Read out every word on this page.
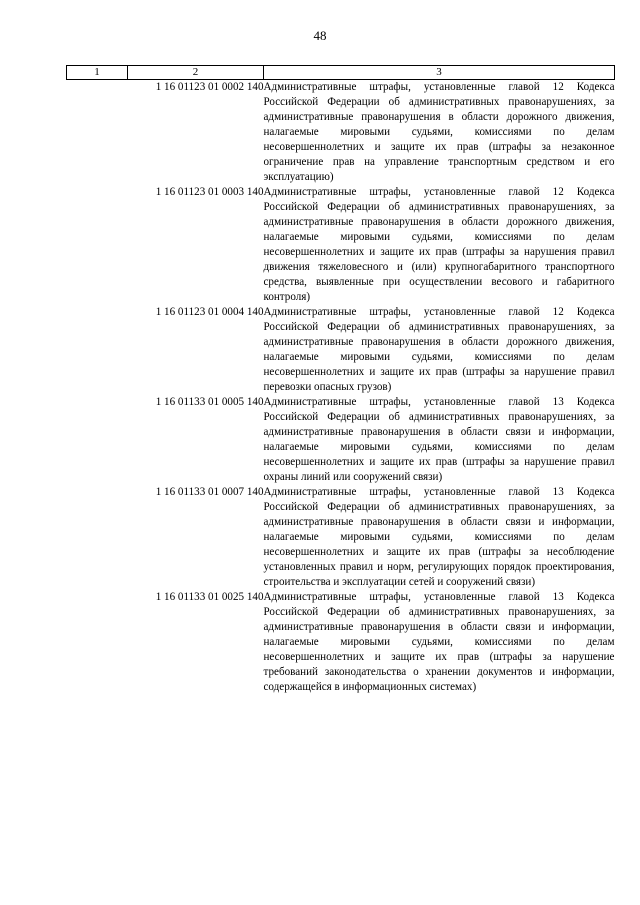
48
1	2	3
	1 16 01123 01 0002 140	Административные штрафы, установленные главой 12 Кодекса Российской Федерации об административных правонарушениях, за административные правонарушения в области дорожного движения, налагаемые мировыми судьями, комиссиями по делам несовершеннолетних и защите их прав (штрафы за незаконное ограничение прав на управление транспортным средством и его эксплуатацию)
	1 16 01123 01 0003 140	Административные штрафы, установленные главой 12 Кодекса Российской Федерации об административных правонарушениях, за административные правонарушения в области дорожного движения, налагаемые мировыми судьями, комиссиями по делам несовершеннолетних и защите их прав (штрафы за нарушения правил движения тяжеловесного и (или) крупногабаритного транспортного средства, выявленные при осуществлении весового и габаритного контроля)
	1 16 01123 01 0004 140	Административные штрафы, установленные главой 12 Кодекса Российской Федерации об административных правонарушениях, за административные правонарушения в области дорожного движения, налагаемые мировыми судьями, комиссиями по делам несовершеннолетних и защите их прав (штрафы за нарушение правил перевозки опасных грузов)
	1 16 01133 01 0005 140	Административные штрафы, установленные главой 13 Кодекса Российской Федерации об административных правонарушениях, за административные правонарушения в области связи и информации, налагаемые мировыми судьями, комиссиями по делам несовершеннолетних и защите их прав (штрафы за нарушение правил охраны линий или сооружений связи)
	1 16 01133 01 0007 140	Административные штрафы, установленные главой 13 Кодекса Российской Федерации об административных правонарушениях, за административные правонарушения в области связи и информации, налагаемые мировыми судьями, комиссиями по делам несовершеннолетних и защите их прав (штрафы за несоблюдение установленных правил и норм, регулирующих порядок проектирования, строительства и эксплуатации сетей и сооружений связи)
	1 16 01133 01 0025 140	Административные штрафы, установленные главой 13 Кодекса Российской Федерации об административных правонарушениях, за административные правонарушения в области связи и информации, налагаемые мировыми судьями, комиссиями по делам несовершеннолетних и защите их прав (штрафы за нарушение требований законодательства о хранении документов и информации, содержащейся в информационных системах)
